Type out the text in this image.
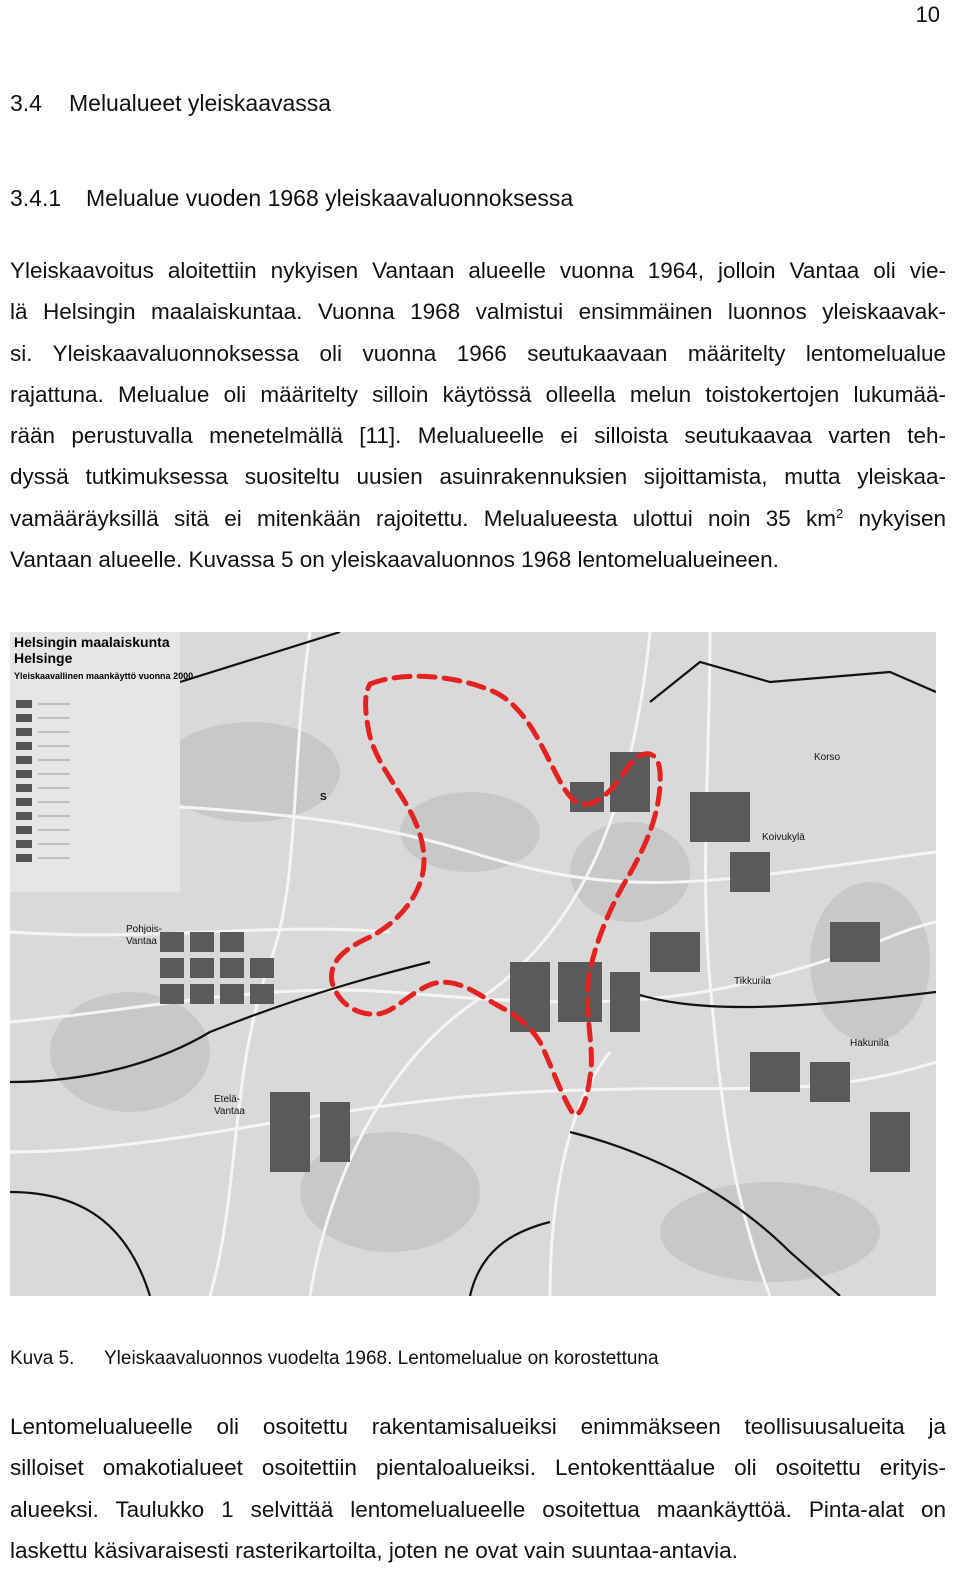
10
3.4 Melualueet yleiskaavassa
3.4.1 Melualue vuoden 1968 yleiskaavaluonnoksessa
Yleiskaavoitus aloitettiin nykyisen Vantaan alueelle vuonna 1964, jolloin Vantaa oli vie-
lä Helsingin maalaiskuntaa. Vuonna 1968 valmistui ensimmäinen luonnos yleiskaavak-
si. Yleiskaavaluonnoksessa oli vuonna 1966 seutukaavaan määritelty lentomelualue
rajattuna. Melualue oli määritelty silloin käytössä olleella melun toistokertojen lukumää-
rään perustuvalla menetelmällä [11]. Melualueelle ei silloista seutukaavaa varten teh-
dyssä tutkimuksessa suositeltu uusien asuinrakennuksien sijoittamista, mutta yleiskaa-
vamääräyksillä sitä ei mitenkään rajoitettu. Melualueesta ulottui noin 35 $km^2$ nykyisen
Vantaan alueelle. Kuvassa 5 on yleiskaavaluonnos 1968 lentomelualueineen.
Helsingin maalaiskunta
Helsinge
Yleiskaavallinen maankäyttö vuonna 2000
Korso
Koivukylä
Pohjois-
Vantaa
Tikkurila
Hakunila
Etelä-
Vantaa
S
Kuva 5. Yleiskaavaluonnos vuodelta 1968. Lentomelualue on korostettuna
Lentomelualueelle oli osoitettu rakentamisalueiksi enimmäkseen teollisuusalueita ja
silloiset omakotialueet osoitettiin pientaloalueiksi. Lentokenttäalue oli osoitettu erityis-
alueeksi. Taulukko 1 selvittää lentomelualueelle osoitettua maankäyttöä. Pinta-alat on
laskettu käsivaraisesti rasterikartoilta, joten ne ovat vain suuntaa-antavia.
